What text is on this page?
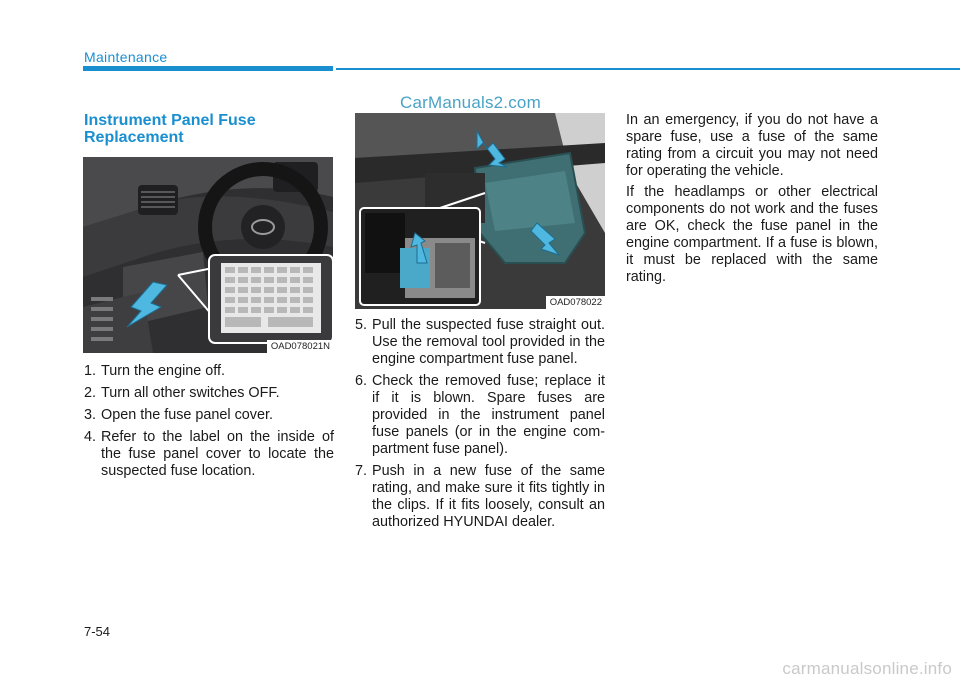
Maintenance
CarManuals2.com
Instrument Panel Fuse Replacement
OAD078021N
OAD078022
1. Turn the engine off.
2. Turn all other switches OFF.
3. Open the fuse panel cover.
4. Refer to the label on the inside of the fuse panel cover to locate the suspected fuse location.
5. Pull the suspected fuse straight out. Use the removal tool provided in the engine compartment fuse panel.
6. Check the removed fuse; replace it if it is blown. Spare fuses are provided in the instrument panel fuse panels (or in the engine com-partment fuse panel).
7. Push in a new fuse of the same rating, and make sure it fits tightly in the clips. If it fits loosely, consult an authorized HYUNDAI dealer.

In an emergency, if you do not have a spare fuse, use a fuse of the same rating from a circuit you may not need for operating the vehicle.

If the headlamps or other electrical components do not work and the fuses are OK, check the fuse panel in the engine compartment. If a fuse is blown, it must be replaced with the same rating.

7-54
carmanualsonline.info
